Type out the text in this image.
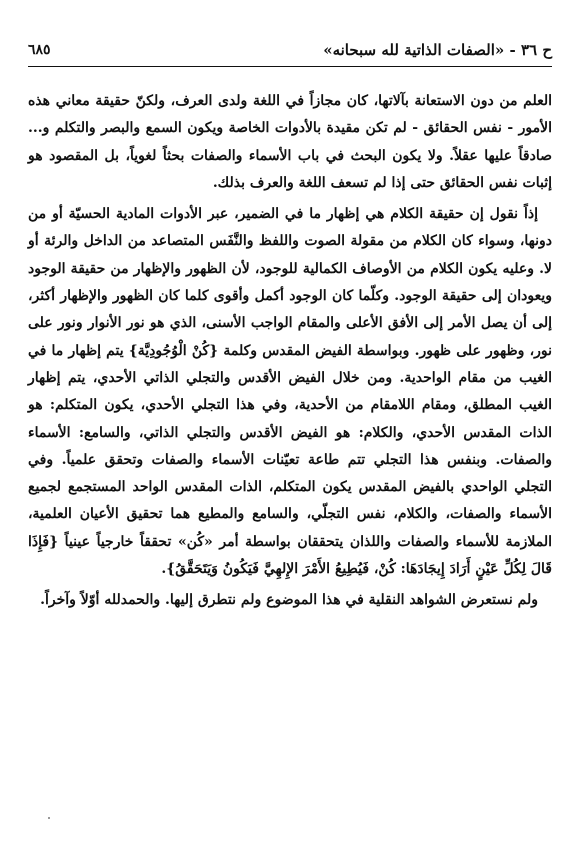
ح ٣٦ - «الصفات الذاتية لله سبحانه»
٦٨٥

العلم من دون الاستعانة بآلاتها، كان مجازاً في اللغة ولدى العرف، ولكنّ حقيقة معاني هذه الأمور - نفس الحقائق - لم تكن مقيدة بالأدوات الخاصة ويكون السمع والبصر والتكلم و... صادقاً عليها عقلاً. ولا يكون البحث في باب الأسماء والصفات بحثاً لغوياً، بل المقصود هو إثبات نفس الحقائق حتى إذا لم تسعف اللغة والعرف بذلك.

إذاً نقول إن حقيقة الكلام هي إظهار ما في الضمير، عبر الأدوات المادية الحسيّة أو من دونها، وسواء كان الكلام من مقولة الصوت واللفظ والنَّفَس المتصاعد من الداخل والرئة أو لا. وعليه يكون الكلام من الأوصاف الكمالية للوجود، لأن الظهور والإظهار من حقيقة الوجود ويعودان إلى حقيقة الوجود. وكلّما كان الوجود أكمل وأقوى كلما كان الظهور والإظهار أكثر، إلى أن يصل الأمر إلى الأفق الأعلى والمقام الواجب الأسنى، الذي هو نور الأنوار ونور على نور، وظهور على ظهور. وبواسطة الفيض المقدس وكلمة {كُنْ الْوُجُودِيَّة} يتم إظهار ما في الغيب من مقام الواحدية. ومن خلال الفيض الأقدس والتجلي الذاتي الأحدي، يتم إظهار الغيب المطلق، ومقام اللامقام من الأحدية، وفي هذا التجلي الأحدي، يكون المتكلم: هو الذات المقدس الأحدي، والكلام: هو الفيض الأقدس والتجلي الذاتي، والسامع: الأسماء والصفات. وبنفس هذا التجلي تتم طاعة تعيّنات الأسماء والصفات وتحقق علمياً. وفي التجلي الواحدي بالفيض المقدس يكون المتكلم، الذات المقدس الواحد المستجمع لجميع الأسماء والصفات، والكلام، نفس التجلّي، والسامع والمطيع هما تحقيق الأعيان العلمية، الملازمة للأسماء والصفات واللذان يتحققان بواسطة أمر «كُن» تحققاً خارجياً عينياً {فَإِذَا قَالَ لِكُلِّ عَيْنٍ أَرَادَ إِيجَادَهَا: كُنْ، فَيُطِيعُ الأَمْرَ الإِلهِيَّ فَيَكُونُ وَيَتَحَقَّقُ}.

ولم نستعرض الشواهد النقلية في هذا الموضوع ولم نتطرق إليها. والحمدلله أوّلاً وآخراً.
